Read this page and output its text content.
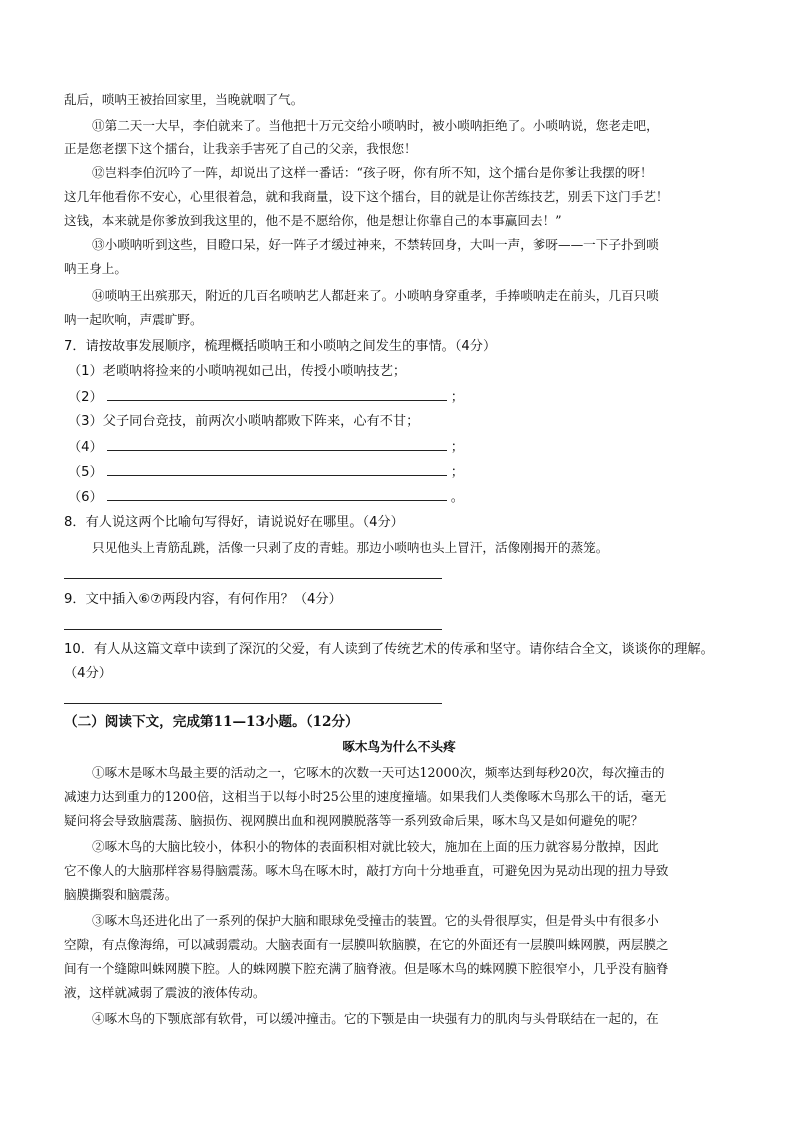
乱后，唢呐王被抬回家里，当晚就咽了气。
⑪第二天一大早，李伯就来了。当他把十万元交给小唢呐时，被小唢呐拒绝了。小唢呐说，您老走吧，
正是您老摆下这个擂台，让我亲手害死了自己的父亲，我恨您！
⑫岂料李伯沉吟了一阵，却说出了这样一番话：“孩子呀，你有所不知，这个擂台是你爹让我摆的呀！
这几年他看你不安心，心里很着急，就和我商量，设下这个擂台，目的就是让你苦练技艺，别丢下这门手艺！
这钱，本来就是你爹放到我这里的，他不是不愿给你，他是想让你靠自己的本事赢回去！”
⑬小唢呐听到这些，目瞪口呆，好一阵子才缓过神来，不禁转回身，大叫一声，爹呀——一下子扑到唢
呐王身上。
⑭唢呐王出殡那天，附近的几百名唢呐艺人都赶来了。小唢呐身穿重孝，手捧唢呐走在前头，几百只唢
呐一起吹响，声震旷野。
7．请按故事发展顺序，梳理概括唢呐王和小唢呐之间发生的事情。（4分）
（1）老唢呐将捡来的小唢呐视如己出，传授小唢呐技艺；
（2）	；
（3）父子同台竞技，前两次小唢呐都败下阵来，心有不甘；
（4）	；
（5）	；
（6）	。
8．有人说这两个比喻句写得好，请说说好在哪里。（4分）
只见他头上青筋乱跳，活像一只剥了皮的青蛙。那边小唢呐也头上冒汗，活像刚揭开的蒸笼。
9．文中插入⑥⑦两段内容，有何作用？（4分）
10．有人从这篇文章中读到了深沉的父爱，有人读到了传统艺术的传承和坚守。请你结合全文，谈谈你的理解。
（4分）
（二）阅读下文，完成第11—13小题。（12分）
啄木鸟为什么不头疼
①啄木是啄木鸟最主要的活动之一，它啄木的次数一天可达12000次，频率达到每秒20次，每次撞击的
减速力达到重力的1200倍，这相当于以每小时25公里的速度撞墙。如果我们人类像啄木鸟那么干的话，毫无
疑问将会导致脑震荡、脑损伤、视网膜出血和视网膜脱落等一系列致命后果，啄木鸟又是如何避免的呢？
②啄木鸟的大脑比较小，体积小的物体的表面积相对就比较大，施加在上面的压力就容易分散掉，因此
它不像人的大脑那样容易得脑震荡。啄木鸟在啄木时，敲打方向十分地垂直，可避免因为晃动出现的扭力导致
脑膜撕裂和脑震荡。
③啄木鸟还进化出了一系列的保护大脑和眼球免受撞击的装置。它的头骨很厚实，但是骨头中有很多小
空隙，有点像海绵，可以减弱震动。大脑表面有一层膜叫软脑膜，在它的外面还有一层膜叫蛛网膜，两层膜之
间有一个缝隙叫蛛网膜下腔。人的蛛网膜下腔充满了脑脊液。但是啄木鸟的蛛网膜下腔很窄小，几乎没有脑脊
液，这样就减弱了震波的液体传动。
④啄木鸟的下颚底部有软骨，可以缓冲撞击。它的下颚是由一块强有力的肌肉与头骨联结在一起的，在
